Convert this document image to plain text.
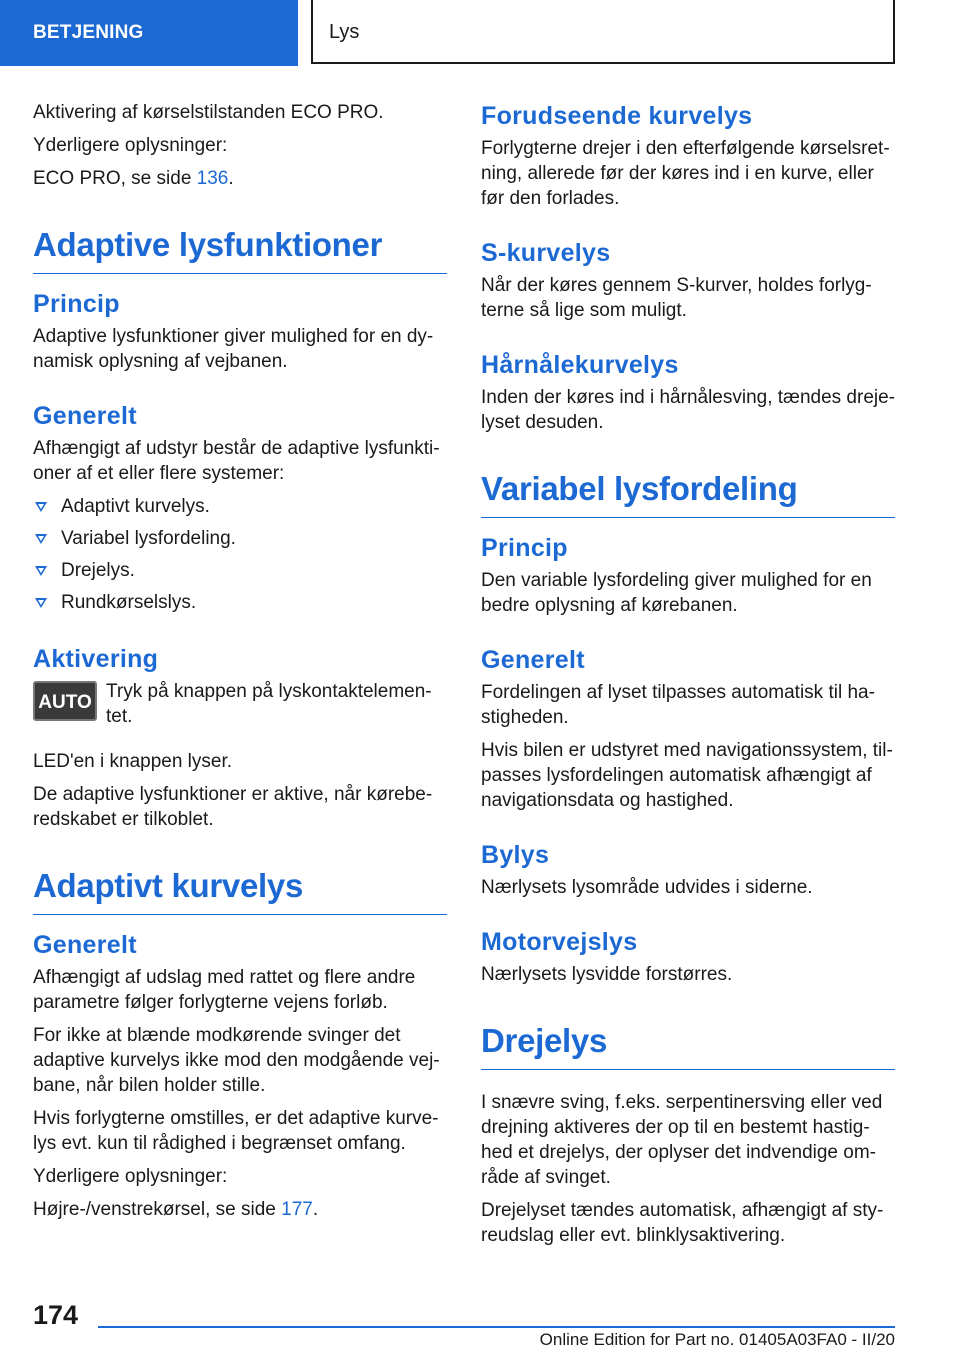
BETJENING	Lys

Aktivering af kørselstilstanden ECO PRO.

Yderligere oplysninger:

ECO PRO, se side 136.

Adaptive lysfunktioner
Princip

Adaptive lysfunktioner giver mulighed for en dy-namisk oplysning af vejbanen.

Generelt

Afhængigt af udstyr består de adaptive lysfunkti-oner af et eller flere systemer:

Adaptivt kurvelys.
Variabel lysfordeling.
Drejelys.
Rundkørselslys.
Aktivering
AUTO

Tryk på knappen på lyskontaktelemen-tet.

LED'en i knappen lyser.

De adaptive lysfunktioner er aktive, når kørebe-redskabet er tilkoblet.

Adaptivt kurvelys
Generelt

Afhængigt af udslag med rattet og flere andre parametre følger forlygterne vejens forløb.

For ikke at blænde modkørende svinger det adaptive kurvelys ikke mod den modgående vej-bane, når bilen holder stille.

Hvis forlygterne omstilles, er det adaptive kurve-lys evt. kun til rådighed i begrænset omfang.

Yderligere oplysninger:

Højre-/venstrekørsel, se side 177.

Forudseende kurvelys

Forlygterne drejer i den efterfølgende kørselsret-ning, allerede før der køres ind i en kurve, eller før den forlades.

S-kurvelys

Når der køres gennem S-kurver, holdes forlyg-terne så lige som muligt.

Hårnålekurvelys

Inden der køres ind i hårnålesving, tændes dreje-lyset desuden.

Variabel lysfordeling
Princip

Den variable lysfordeling giver mulighed for en bedre oplysning af kørebanen.

Generelt

Fordelingen af lyset tilpasses automatisk til ha-stigheden.

Hvis bilen er udstyret med navigationssystem, til-passes lysfordelingen automatisk afhængigt af navigationsdata og hastighed.

Bylys

Nærlysets lysområde udvides i siderne.

Motorvejslys

Nærlysets lysvidde forstørres.

Drejelys

I snævre sving, f.eks. serpentinersving eller ved drejning aktiveres der op til en bestemt hastig-hed et drejelys, der oplyser det indvendige om-råde af svinget.

Drejelyset tændes automatisk, afhængigt af sty-reudslag eller evt. blinklysaktivering.

174
Online Edition for Part no. 01405A03FA0 - II/20
